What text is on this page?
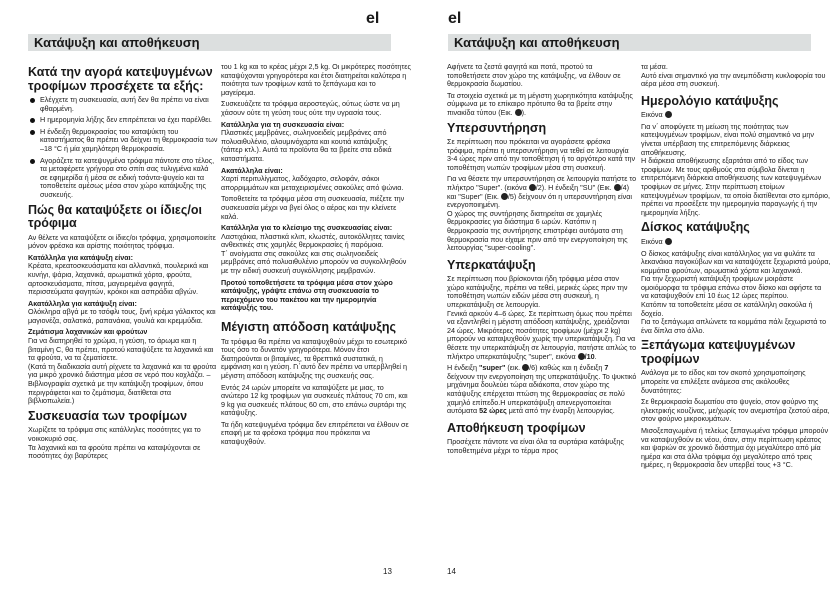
el
Κατάψυξη και αποθήκευση
Κατά την αγορά κατεψυγμένων τροφίμων προσέχετε τα εξής:
Ελέγχετε τη συσκευασία, αυτή δεν θα πρέπει να είναι φθαρμένη.
Η ημερομηνία λήξης δεν επιτρέπεται να έχει παρέλθει.
Η ένδειξη θερμοκρασίας του καταψύκτη του καταστήματος θα πρέπει να δείχνει τη θερμοκρασία των –18 °C ή μία χαμηλότερη θερμοκρασία.
Αγοράζετε τα κατεψυγμένα τρόφιμα πάντοτε στο τέλος, τα μεταφέρετε γρήγορα στο σπίτι σας τυλιγμένα καλά σε εφημερίδα ή μέσα σε ειδική τσάντα-ψυγείο και τα τοποθετείτε αμέσως μέσα στον χώρο κατάψυξης της συσκευής.
Πώς θα καταψύξετε οι ίδιες/οι τρόφιμα

Αν θέλετε να καταψύξετε οι ίδιες/οι τρόφιμα, χρησιμοποιείτε μόνον φρέσκα και αρίστης ποιότητας τρόφιμα.

Κατάλληλα για κατάψυξη είναι:

Κρέατα, κρεατοσκευάσματα και αλλαντικά, πουλερικά και κυνήγι, ψάρια, λαχανικά, αρωματικά χόρτα, φρούτα, αρτοσκευάσματα, πίτσα, μαγειρεμένα φαγητά, περισσεύματα φαγητών, κρόκοι και ασπράδια αβγών.

Ακατάλληλα για κατάψυξη είναι:

Ολόκληρα αβγά με το τσόφλι τους, ξινή κρέμα γάλακτος και μαγιονέζα, σαλατικά, ραπανάκια, γουλιά και κρεμμύδια.

Ζεμάτισμα λαχανικών και φρούτων

Για να διατηρηθεί το χρώμα, η γεύση, το άρωμα και η βιταμίνη C, θα πρέπει, προτού καταψύξετε τα λαχανικά και τα φρούτα, να τα ζεματίσετε.

(Κατά τη διαδικασία αυτή ρίχνετε τα λαχανικά και τα φρούτα για μικρό χρονικό διάστημα μέσα σε νερό που κοχλάζει. – Βιβλιογραφία σχετικά με την κατάψυξη τροφίμων, όπου περιγράφεται και το ζεμάτισμα, διατίθεται στα βιβλιοπωλεία.)

Συσκευασία των τροφίμων

Χωρίζετε τα τρόφιμα στις κατάλληλες ποσότητες για το νοικοκυριό σας.

Τα λαχανικά και τα φρούτα πρέπει να καταψύχονται σε ποσότητες όχι βαρύτερες

του 1 kg και το κρέας μέχρι 2,5 kg. Οι μικρότερες ποσότητες καταψύχονται γρηγορότερα και έτσι διατηρείται καλύτερα η ποιότητα των τροφίμων κατά το ξεπάγωμα και το μαγείρεμα.

Συσκευάζετε τα τρόφιμα αεροστεγώς, ούτως ώστε να μη χάσουν ούτε τη γεύση τους ούτε την υγρασία τους.

Κατάλληλα για τη συσκευασία είναι:

Πλαστικές μεμβράνες, σωληνοειδείς μεμβράνες από πολυαιθυλένιο, αλουμινόχαρτα και κουτιά κατάψυξης (τάπερ κτλ.). Αυτά τα προϊόντα θα τα βρείτε στα ειδικά καταστήματα.

Ακατάλληλα είναι:

Χαρτί περιτυλίγματος, λαδόχαρτο, σελοφάν, σάκοι απορριμμάτων και μεταχειρισμένες σακούλες από ψώνια.

Τοποθετείτε τα τρόφιμα μέσα στη συσκευασία, πιέζετε την συσκευασία μέχρι να βγεί όλος ο αέρας και την κλείνετε καλά.

Κατάλληλα για το κλείσιμο της συσκευασίας είναι:

Λαστιχάκια, πλαστικά κλιπ, κλωστές, αυτοκόλλητες ταινίες ανθεκτικές στις χαμηλές θερμοκρασίες ή παρόμοια.

Τ΄ ανοίγματα στις σακούλες και στις σωληνοειδείς μεμβράνες από πολυαιθυλένιο μπορούν να συγκολληθούν με την ειδική συσκευή συγκόλλησης μεμβρανών.

Προτού τοποθετήσετε τα τρόφιμα μέσα στον χώρο κατάψυξης, γράψτε επάνω στη συσκευασία το περιεχόμενο του πακέτου και την ημερομηνία κατάψυξής του.

Μέγιστη απόδοση κατάψυξης

Τα τρόφιμα θα πρέπει να καταψυχθούν μέχρι το εσωτερικό τους όσο το δυνατόν γρηγορότερα. Μόνον έτσι διατηρούνται οι βιταμίνες, τα θρεπτικά συστατικά, η εμφάνιση και η γεύση. Γι΄αυτό δεν πρέπει να υπερβληθεί η μέγιστη απόδοση κατάψυξης της συσκευής σας.

Εντός 24 ωρών μπορείτε να καταψύξετε με μιας, το ανώτερο 12 kg τροφίμων για συσκευές πλάτους 70 cm, και 9 kg για συσκευές πλάτους 60 cm, στο επάνω συρτάρι της κατάψυξης.

Τα ήδη κατεψυγμένα τρόφιμα δεν επιτρέπεται να έλθουν σε επαφή με τα φρέσκα τρόφιμα που πρόκειται να καταψυχθούν.

13
el
Κατάψυξη και αποθήκευση

Αφήνετε τα ζεστά φαγητά και ποτά, προτού τα τοποθετήσετε στον χώρο της κατάψυξης, να έλθουν σε θερμοκρασία δωματίου.

Τα στοιχεία σχετικά με τη μέγιστη χωρητικότητα κατάψυξης σύμφωνα με το επίκαιρο πρότυπο θα τα βρείτε στην πινακίδα τύπου (Εικ. ).

Υπερσυντήρηση

Σε περίπτωση που πρόκειται να αγοράσετε φρέσκα τρόφιμα, πρέπει η υπερσυντήρηση να τεθεί σε λειτουργία 3-4 ώρες πριν από την τοποθέτηση ή το αργότερο κατά την τοποθέτηση νωπών τροφίμων μέσα στη συσκευή.

Για να θέσετε την υπερσυντήρηση σε λειτουργία πατήστε το πλήκτρο "Super". (εικόνα /2). Η ένδειξη "SU" (Εικ. /4) και "Super" (Εικ. /5) δείχνουν ότι η υπερσυντήρηση είναι ενεργοποιημένη.

Ο χώρος της συντήρησης διατηρείται σε χαμηλές θερμοκρασίες για διάστημα 6 ωρών. Κατόπιν η θερμοκρασία της συντήρησης επιστρέφει αυτόματα στη θερμοκρασία που είχαμε πριν από την ενεργοποίηση της λειτουργίας "super-cooling".

Υπερκατάψυξη

Σε περίπτωση που βρίσκονται ήδη τρόφιμα μέσα στον χώρο κατάψυξης, πρέπει να τεθεί, μερικές ώρες πριν την τοποθέτηση νωπών ειδών μέσα στη συσκευή, η υπερκατάψυξη σε λειτουργία.

Γενικά αρκούν 4–6 ώρες. Σε περίπτωση όμως που πρέπει να εξαντληθεί η μέγιστη απόδοση κατάψυξης, χρειάζονται 24 ώρες. Μικρότερες ποσότητες τροφίμων (μέχρι 2 kg) μπορούν να καταψυχθούν χωρίς την υπερκατάψυξη. Για να θέσετε την υπερκατάψυξη σε λειτουργία, πατήστε απλώς το πλήκτρο υπερκατάψυξης "super", εικόνα /10.

Η ένδειξη "super" (εικ. /6) καθώς και η ένδειξη 7 δείχνουν την ενεργοποίηση της υπερκατάψυξης. Το ψυκτικό μηχάνημα δουλεύει τώρα αδιάκοπα, στον χώρο της κατάψυξης επέρχεται πτώση της θερμοκρασίας σε πολύ χαμηλό επίπεδο.Η υπερκατάψυξη απενεργοποιείται αυτόματα 52 ώρες μετά από την έναρξη λειτουργίας.

Αποθήκευση τροφίμων

Προσέχετε πάντοτε να είναι όλα τα συρτάρια κατάψυξης τοποθετημένα μέχρι το τέρμα προς

τα μέσα.

Αυτό είναι σημαντικό για την ανεμπόδιστη κυκλοφορία του αέρα μέσα στη συσκευή.

Ημερολόγιο κατάψυξης

Εικόνα

Για ν΄ αποφύγετε τη μείωση της ποιότητας των κατεψυγμένων τροφίμων, είναι πολύ σημαντικό να μην γίνεται υπέρβαση της επιτρεπόμενης διάρκειας αποθήκευσης.

Η διάρκεια αποθήκευσης εξαρτάται από το είδος των τροφίμων. Με τους αριθμούς στα σύμβολα δίνεται η επιτρεπόμενη διάρκεια αποθήκευσης των κατεψυγμένων τροφίμων σε μήνες. Στην περίπτωση ετοίμων κατεψυγμένων τροφίμων, τα οποία διατίθενται στο εμπόριο, πρέπει να προσέξετε την ημερομηνία παραγωγής ή την ημερομηνία λήξης.

Δίσκος κατάψυξης

Εικόνα

Ο δίσκος κατάψυξης είναι κατάλληλος για να φυλάτε τα λεκανάκια παγοκύβων και να καταψύχετε ξεχωριστά μούρα, κομμάτια φρούτων, αρωματικά χόρτα και λαχανικά.

Για την ξεχωριστή κατάψυξη τροφίμων μοιράστε ομοιόμορφα τα τρόφιμα επάνω στον δίσκο και αφήστε τα να καταψυχθούν επί 10 έως 12 ώρες περίπου.

Κατόπιν τα τοποθετείτε μέσα σε κατάλληλη σακούλα ή δοχείο.

Για το ξεπάγωμα απλώνετε τα κομμάτια πάλι ξεχωριστά το ένα δίπλα στο άλλο.

Ξεπάγωμα κατεψυγμένων τροφίμων

Ανάλογα με το είδος και τον σκοπό χρησιμοποίησης μπορείτε να επιλέξετε ανάμεσα στις ακόλουθες δυνατότητες:

Σε θερμοκρασία δωματίου στο ψυγείο, στον φούρνο της ηλεκτρικής κουζίνας, με/χωρίς τον ανεμιστήρα ζεστού αέρα, στον φούρνο μικροκυμάτων.

Μισοξεπαγωμένα ή τελείως ξεπαγωμένα τρόφιμα μπορούν να καταψυχθούν εκ νέου, όταν, στην περίπτωση κρέατος και ψαριών σε χρονικό διάστημα όχι μεγαλύτερο από μία ημέρα και στα άλλα τρόφιμα όχι μεγαλύτερο από τρεις ημέρες, η θερμοκρασία δεν υπερβεί τους +3 °C.

14
